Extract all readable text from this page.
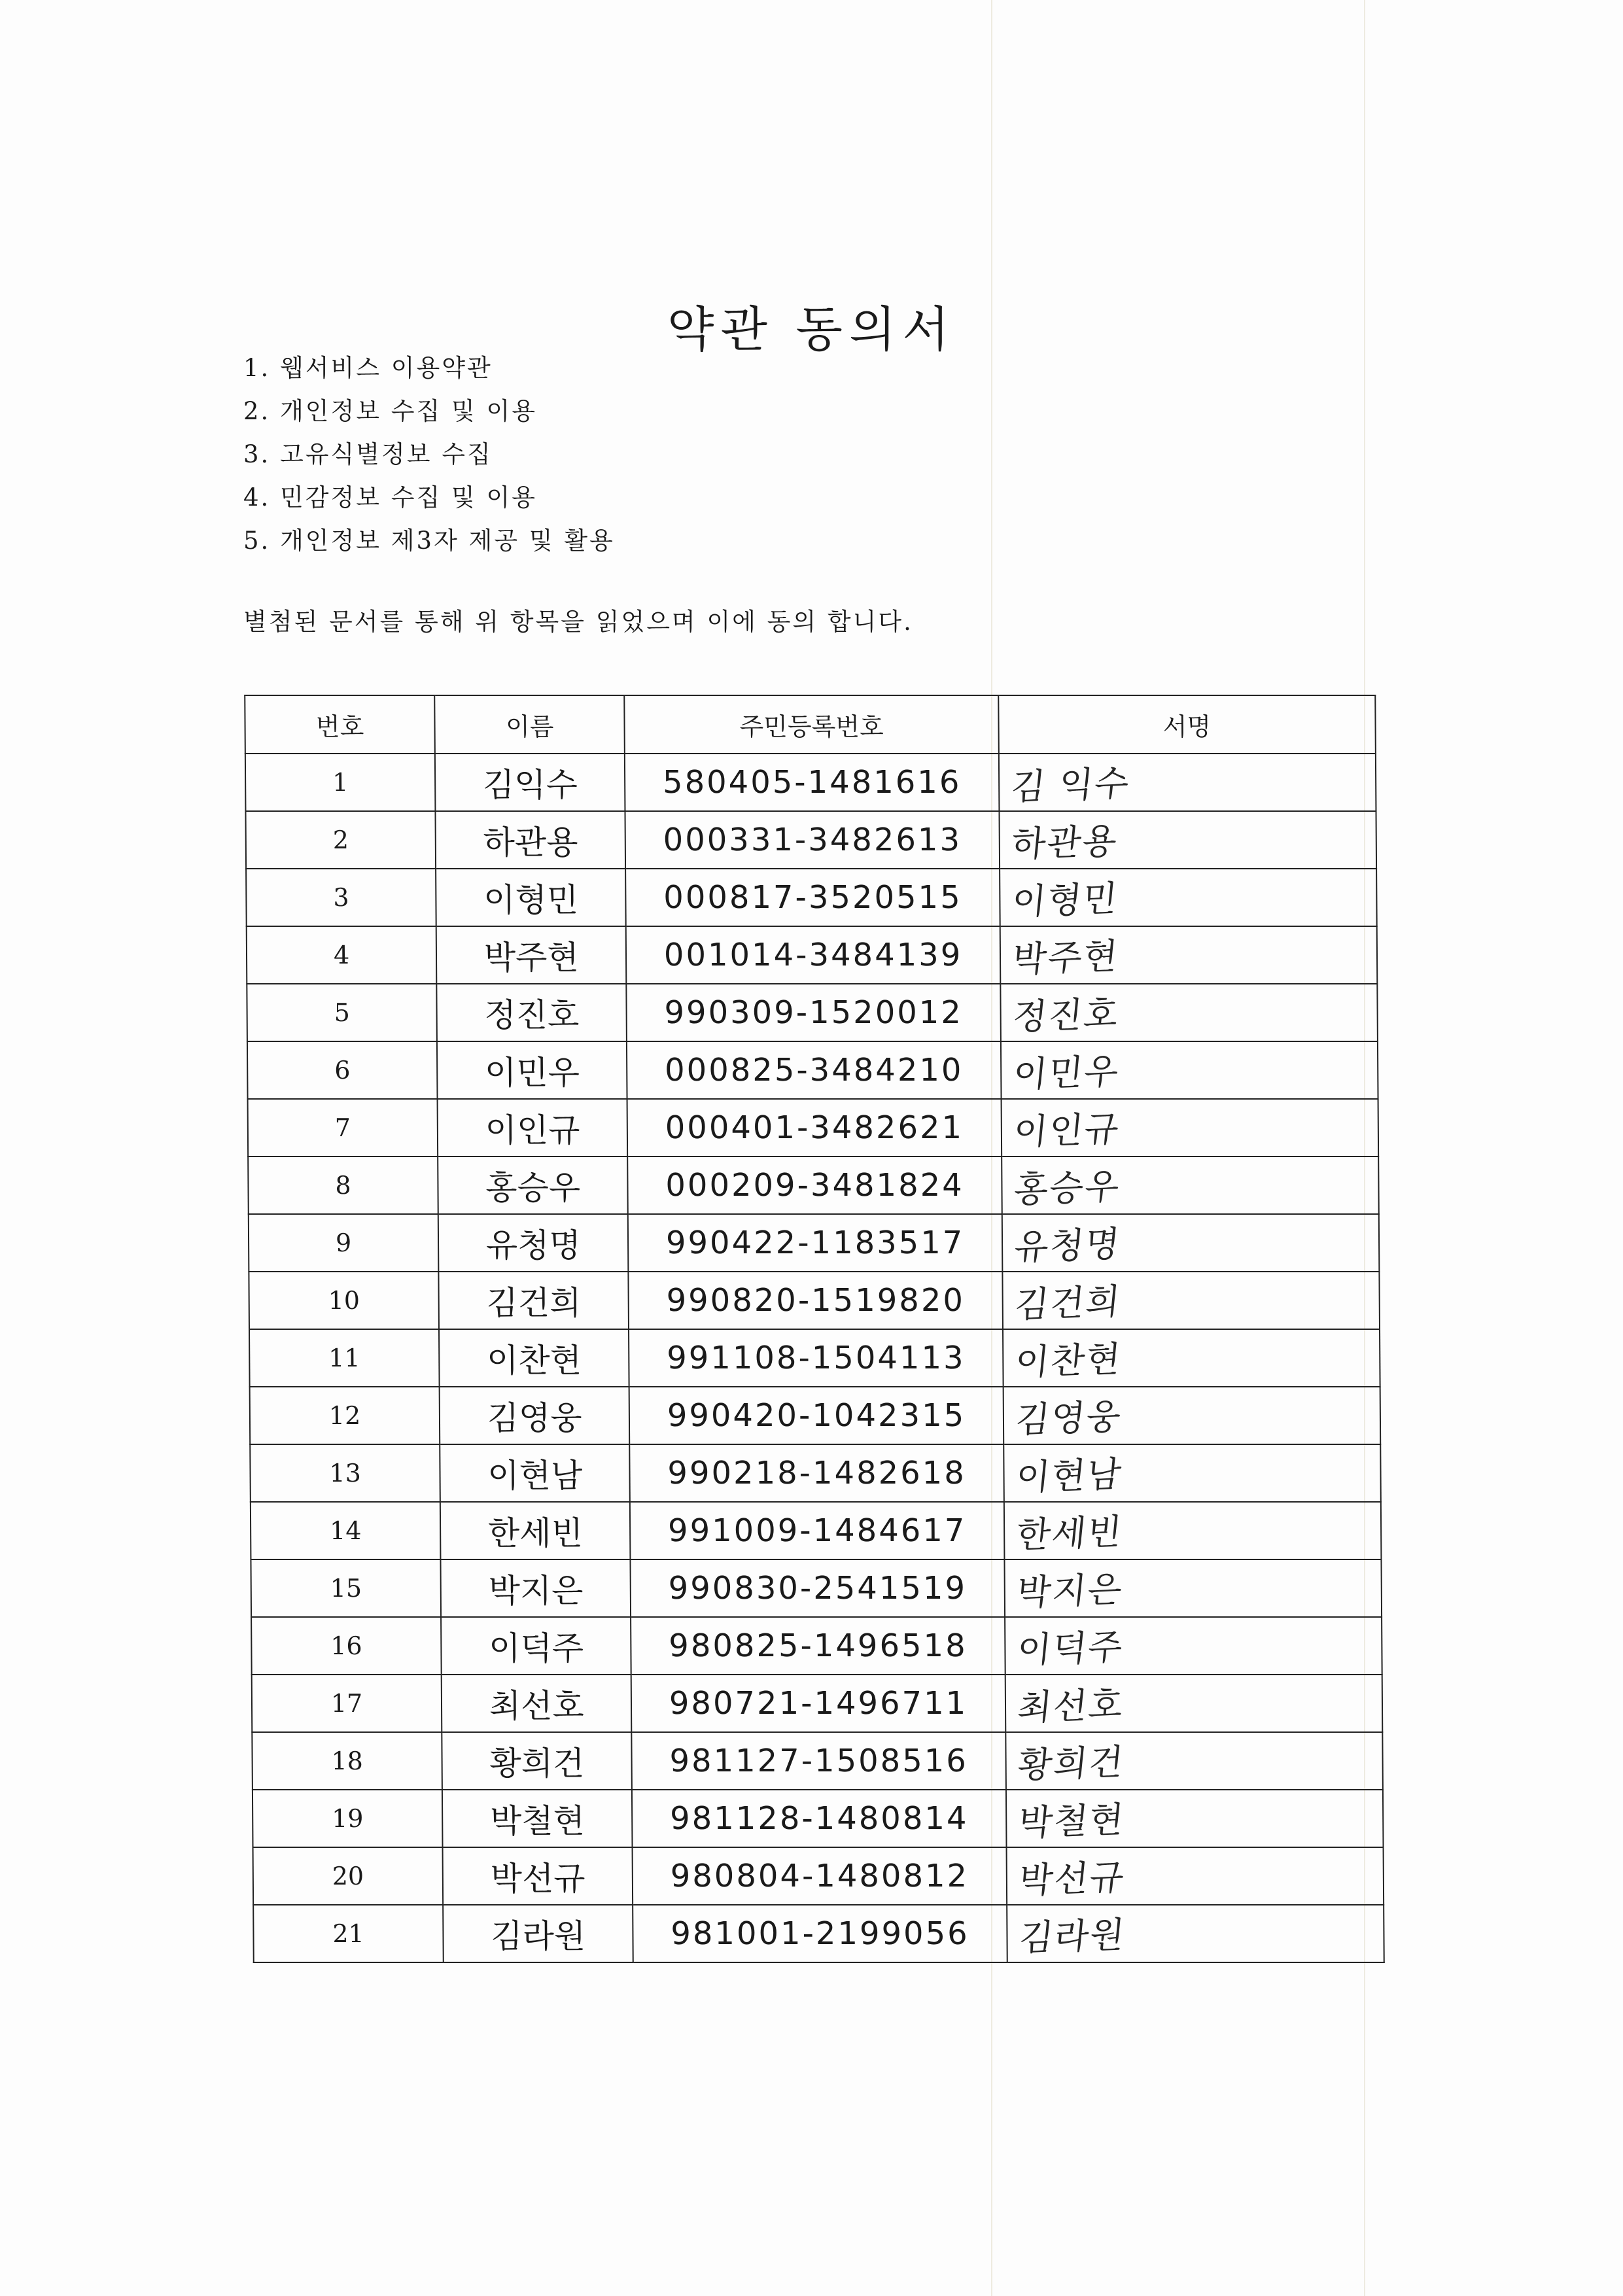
약관 동의서
1. 웹서비스 이용약관
2. 개인정보 수집 및 이용
3. 고유식별정보 수집
4. 민감정보 수집 및 이용
5. 개인정보 제3자 제공 및 활용
별첨된 문서를 통해 위 항목을 읽었으며 이에 동의 합니다.
번호	이름	주민등록번호	서명
1	김익수	580405-1481616	김 익수
2	하관용	000331-3482613	하관용
3	이형민	000817-3520515	이형민
4	박주현	001014-3484139	박주현
5	정진호	990309-1520012	정진호
6	이민우	000825-3484210	이민우
7	이인규	000401-3482621	이인규
8	홍승우	000209-3481824	홍승우
9	유청명	990422-1183517	유청명
10	김건희	990820-1519820	김건희
11	이찬현	991108-1504113	이찬현
12	김영웅	990420-1042315	김영웅
13	이현남	990218-1482618	이현남
14	한세빈	991009-1484617	한세빈
15	박지은	990830-2541519	박지은
16	이덕주	980825-1496518	이덕주
17	최선호	980721-1496711	최선호
18	황희건	981127-1508516	황희건
19	박철현	981128-1480814	박철현
20	박선규	980804-1480812	박선규
21	김라원	981001-2199056	김라원
